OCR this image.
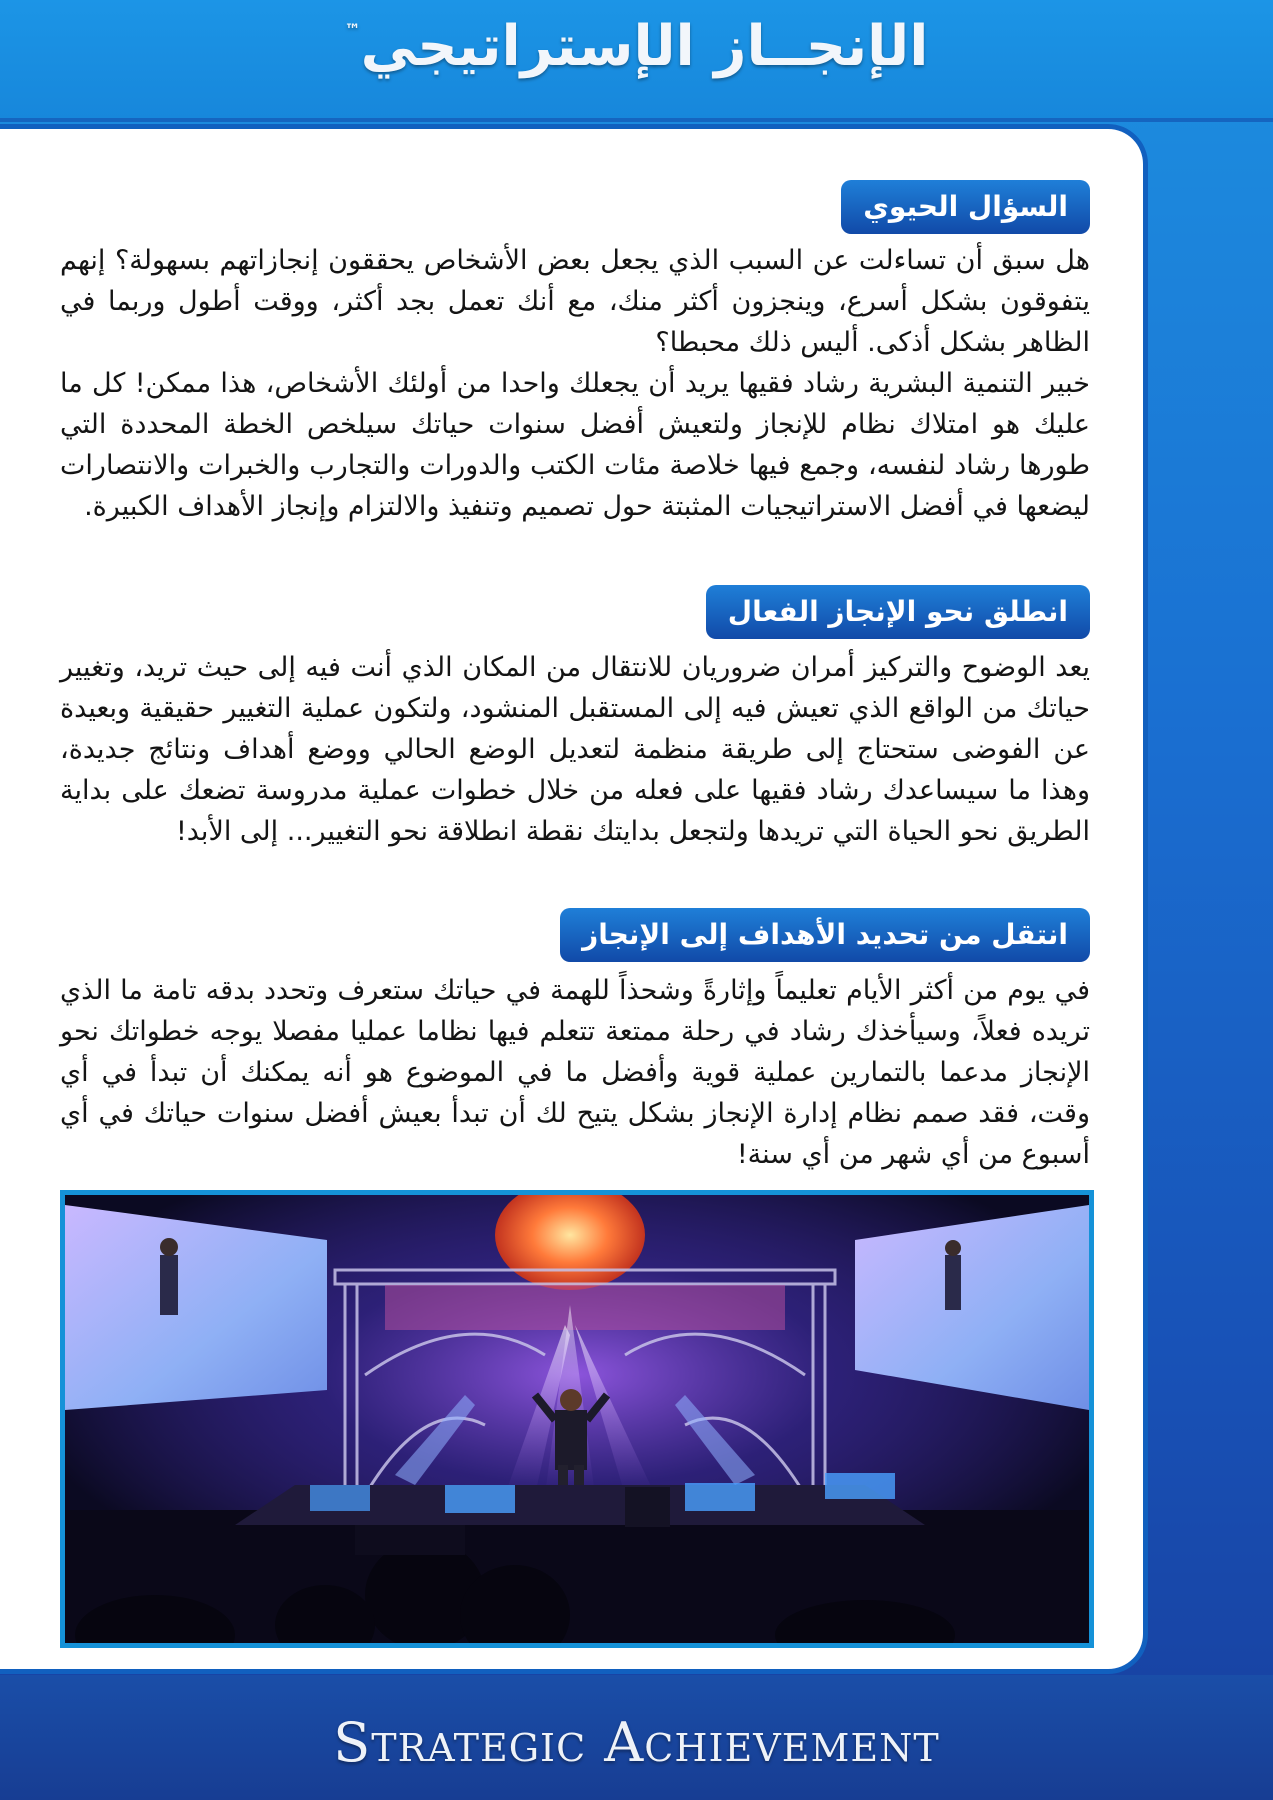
الإنجــاز الإستراتيجي™
السؤال الحيوي

هل سبق أن تساءلت عن السبب الذي يجعل بعض الأشخاص يحققون إنجازاتهم بسهولة؟ إنهم يتفوقون بشكل أسرع، وينجزون أكثر منك، مع أنك تعمل بجد أكثر، ووقت أطول وربما في الظاهر بشكل أذكى. أليس ذلك محبطا؟

خبير التنمية البشرية رشاد فقيها يريد أن يجعلك واحدا من أولئك الأشخاص، هذا ممكن! كل ما عليك هو امتلاك نظام للإنجاز ولتعيش أفضل سنوات حياتك سيلخص الخطة المحددة التي طورها رشاد لنفسه، وجمع فيها خلاصة مئات الكتب والدورات والتجارب والخبرات والانتصارات ليضعها في أفضل الاستراتيجيات المثبتة حول تصميم وتنفيذ والالتزام وإنجاز الأهداف الكبيرة.

انطلق نحو الإنجاز الفعال

يعد الوضوح والتركيز أمران ضروريان للانتقال من المكان الذي أنت فيه إلى حيث تريد، وتغيير حياتك من الواقع الذي تعيش فيه إلى المستقبل المنشود، ولتكون عملية التغيير حقيقية وبعيدة عن الفوضى ستحتاج إلى طريقة منظمة لتعديل الوضع الحالي ووضع أهداف ونتائج جديدة، وهذا ما سيساعدك رشاد فقيها على فعله من خلال خطوات عملية مدروسة تضعك على بداية الطريق نحو الحياة التي تريدها ولتجعل بدايتك نقطة انطلاقة نحو التغيير... إلى الأبد!

انتقل من تحديد الأهداف إلى الإنجاز

في يوم من أكثر الأيام تعليماً وإثارةً وشحذاً للهمة في حياتك ستعرف وتحدد بدقه تامة ما الذي تريده فعلاً، وسيأخذك رشاد في رحلة ممتعة تتعلم فيها نظاما عمليا مفصلا يوجه خطواتك نحو الإنجاز مدعما بالتمارين عملية قوية وأفضل ما في الموضوع هو أنه يمكنك أن تبدأ في أي وقت، فقد صمم نظام إدارة الإنجاز بشكل يتيح لك أن تبدأ بعيش أفضل سنوات حياتك في أي أسبوع من أي شهر من أي سنة!

Strategic Achievement
